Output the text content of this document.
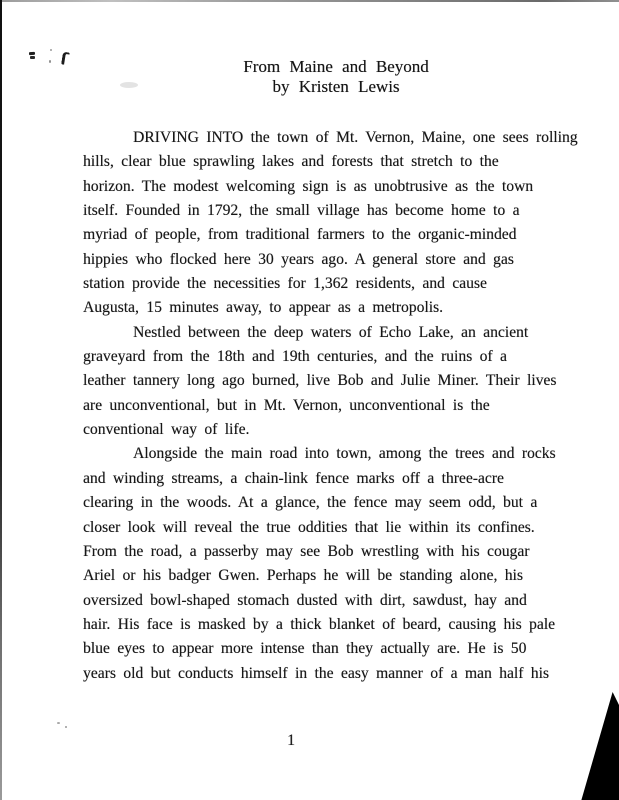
From Maine and Beyond
by Kristen Lewis
DRIVING INTO the town of Mt. Vernon, Maine, one sees rolling
hills, clear blue sprawling lakes and forests that stretch to the
horizon. The modest welcoming sign is as unobtrusive as the town
itself. Founded in 1792, the small village has become home to a
myriad of people, from traditional farmers to the organic-minded
hippies who flocked here 30 years ago. A general store and gas
station provide the necessities for 1,362 residents, and cause
Augusta, 15 minutes away, to appear as a metropolis.
Nestled between the deep waters of Echo Lake, an ancient
graveyard from the 18th and 19th centuries, and the ruins of a
leather tannery long ago burned, live Bob and Julie Miner. Their lives
are unconventional, but in Mt. Vernon, unconventional is the
conventional way of life.
Alongside the main road into town, among the trees and rocks
and winding streams, a chain-link fence marks off a three-acre
clearing in the woods. At a glance, the fence may seem odd, but a
closer look will reveal the true oddities that lie within its confines.
From the road, a passerby may see Bob wrestling with his cougar
Ariel or his badger Gwen. Perhaps he will be standing alone, his
oversized bowl-shaped stomach dusted with dirt, sawdust, hay and
hair. His face is masked by a thick blanket of beard, causing his pale
blue eyes to appear more intense than they actually are. He is 50
years old but conducts himself in the easy manner of a man half his
1
